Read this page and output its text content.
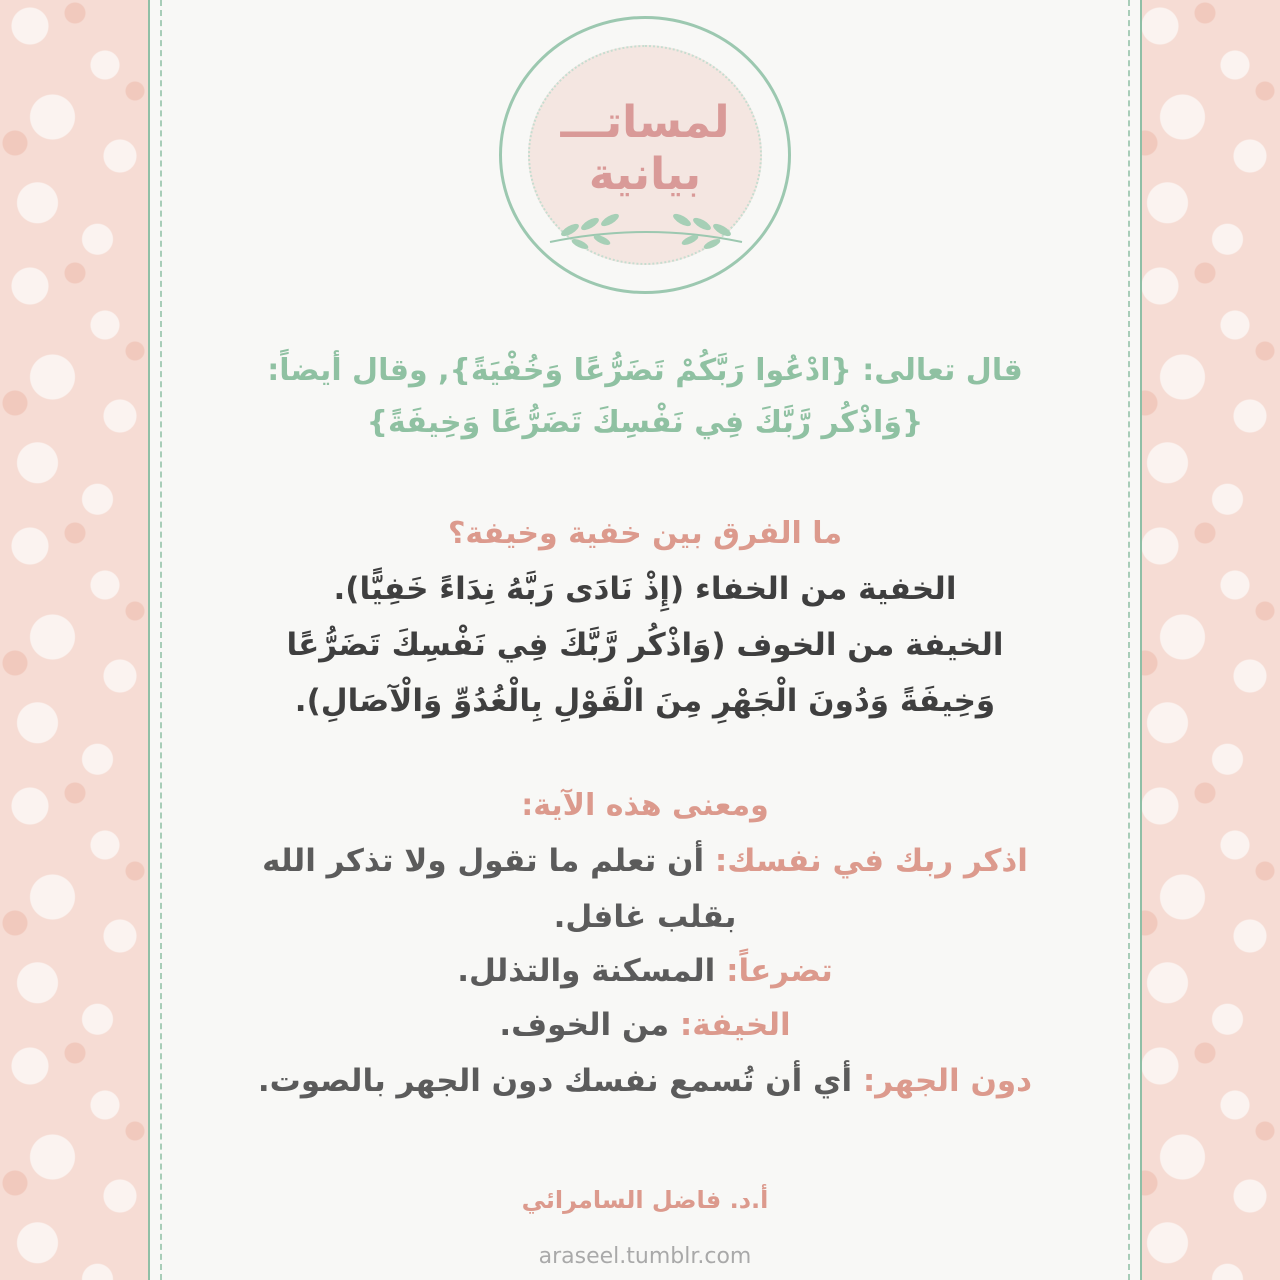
لمساتـــ
بيانية
قال تعالى: {ادْعُوا رَبَّكُمْ تَضَرُّعًا وَخُفْيَةً}, وقال أيضاً:
{وَاذْكُر رَّبَّكَ فِي نَفْسِكَ تَضَرُّعًا وَخِيفَةً}
ما الفرق بين خفية وخيفة؟
الخفية من الخفاء (إِذْ نَادَى رَبَّهُ نِدَاءً خَفِيًّا).
الخيفة من الخوف (وَاذْكُر رَّبَّكَ فِي نَفْسِكَ تَضَرُّعًا
وَخِيفَةً وَدُونَ الْجَهْرِ مِنَ الْقَوْلِ بِالْغُدُوِّ وَالْآصَالِ).
ومعنى هذه الآية:
اذكر ربك في نفسك: أن تعلم ما تقول ولا تذكر الله
بقلب غافل.
تضرعاً: المسكنة والتذلل.
الخيفة: من الخوف.
دون الجهر: أي أن تُسمع نفسك دون الجهر بالصوت.
أ.د. فاضل السامرائي
araseel.tumblr.com
